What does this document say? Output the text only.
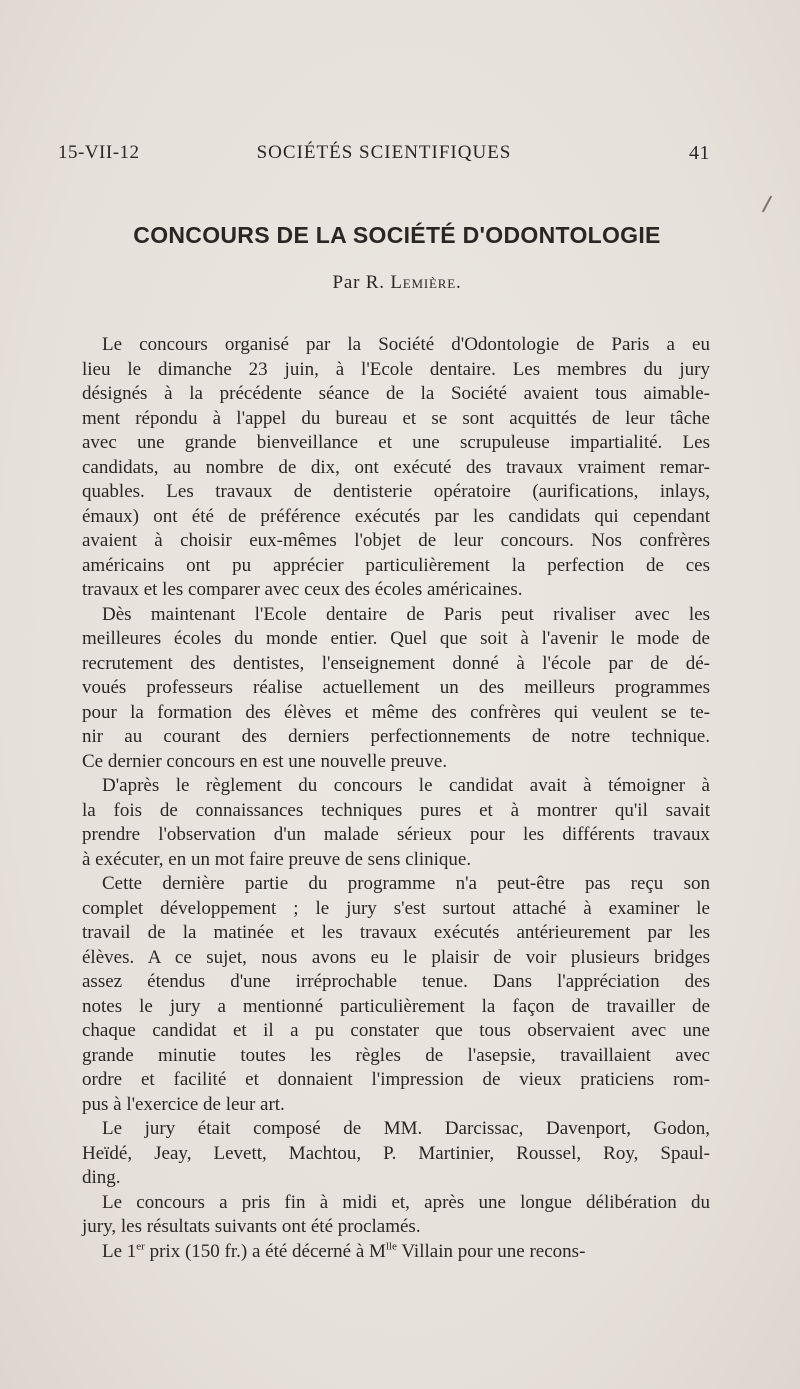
15-VII-12	SOCIÉTÉS SCIENTIFIQUES	41
CONCOURS DE LA SOCIÉTÉ D'ODONTOLOGIE
Par R. Lemière.
Le concours organisé par la Société d'Odontologie de Paris a eu
lieu le dimanche 23 juin, à l'Ecole dentaire. Les membres du jury
désignés à la précédente séance de la Société avaient tous aimable-
ment répondu à l'appel du bureau et se sont acquittés de leur tâche
avec une grande bienveillance et une scrupuleuse impartialité. Les
candidats, au nombre de dix, ont exécuté des travaux vraiment remar-
quables. Les travaux de dentisterie opératoire (aurifications, inlays,
émaux) ont été de préférence exécutés par les candidats qui cependant
avaient à choisir eux-mêmes l'objet de leur concours. Nos confrères
américains ont pu apprécier particulièrement la perfection de ces
travaux et les comparer avec ceux des écoles américaines.
Dès maintenant l'Ecole dentaire de Paris peut rivaliser avec les
meilleures écoles du monde entier. Quel que soit à l'avenir le mode de
recrutement des dentistes, l'enseignement donné à l'école par de dé-
voués professeurs réalise actuellement un des meilleurs programmes
pour la formation des élèves et même des confrères qui veulent se te-
nir au courant des derniers perfectionnements de notre technique.
Ce dernier concours en est une nouvelle preuve.
D'après le règlement du concours le candidat avait à témoigner à
la fois de connaissances techniques pures et à montrer qu'il savait
prendre l'observation d'un malade sérieux pour les différents travaux
à exécuter, en un mot faire preuve de sens clinique.
Cette dernière partie du programme n'a peut-être pas reçu son
complet développement ; le jury s'est surtout attaché à examiner le
travail de la matinée et les travaux exécutés antérieurement par les
élèves. A ce sujet, nous avons eu le plaisir de voir plusieurs bridges
assez étendus d'une irréprochable tenue. Dans l'appréciation des
notes le jury a mentionné particulièrement la façon de travailler de
chaque candidat et il a pu constater que tous observaient avec une
grande minutie toutes les règles de l'asepsie, travaillaient avec
ordre et facilité et donnaient l'impression de vieux praticiens rom-
pus à l'exercice de leur art.
Le jury était composé de MM. Darcissac, Davenport, Godon,
Heïdé, Jeay, Levett, Machtou, P. Martinier, Roussel, Roy, Spaul-
ding.
Le concours a pris fin à midi et, après une longue délibération du
jury, les résultats suivants ont été proclamés.
Le 1er prix (150 fr.) a été décerné à $M^{lle}$ Villain pour une recons-
